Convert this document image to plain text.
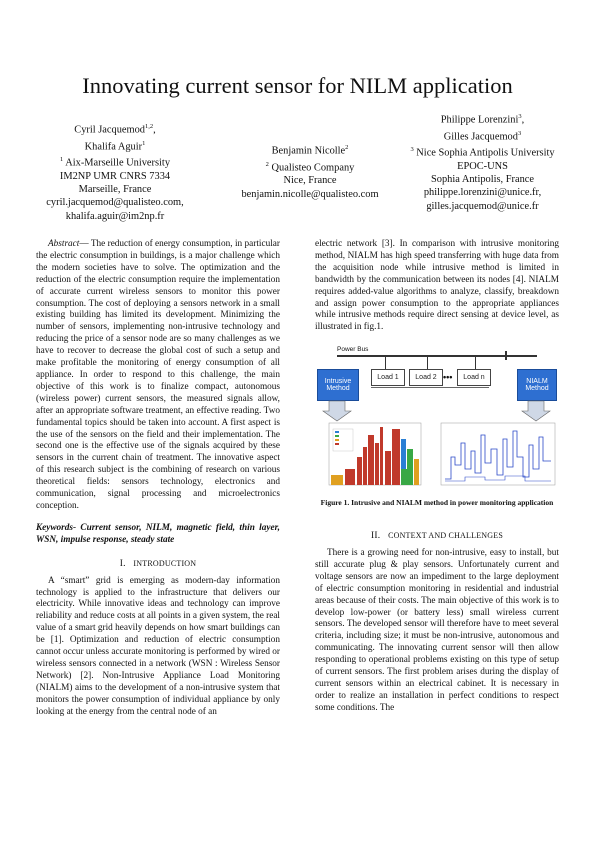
Innovating current sensor for NILM application
Cyril Jacquemod$^{1,2}$,
Khalifa Aguir$^1$
$^1$ Aix-Marseille University
IM2NP UMR CNRS 7334
Marseille, France
cyril.jacquemod@qualisteo.com,
khalifa.aguir@im2np.fr
Benjamin Nicolle$^2$
$^2$ Qualisteo Company
Nice, France
benjamin.nicolle@qualisteo.com
Philippe Lorenzini$^3$,
Gilles Jacquemod$^3$
$^3$ Nice Sophia Antipolis University
EPOC-UNS
Sophia Antipolis, France
philippe.lorenzini@unice.fr,
gilles.jacquemod@unice.fr

Abstract— The reduction of energy consumption, in particular the electric consumption in buildings, is a major challenge which the modern societies have to solve. The optimization and the reduction of the electric consumption require the implementation of accurate current wireless sensors to monitor this power consumption. The cost of deploying a sensors network in a small existing building has limited its development. Minimizing the number of sensors, implementing non-intrusive technology and reducing the price of a sensor node are so many challenges as we have to recover to decrease the global cost of such a setup and make profitable the monitoring of energy consumption of all appliance. In order to respond to this challenge, the main objective of this work is to finalize compact, autonomous (wireless power) current sensors, the measured signals allow, after an appropriate software treatment, an effective reading. Two fundamental topics should be taken into account. A first aspect is the use of the sensors on the field and their implementation. The second one is the effective use of the signals acquired by these sensors in the current chain of treatment. The innovative aspect of this research subject is the combining of research on various theoretical fields: sensors technology, electronics and communication, signal processing and microelectronics conception.

Keywords- Current sensor, NILM, magnetic field, thin layer, WSN, impulse response, steady state

I. INTRODUCTION

A “smart” grid is emerging as modern-day information technology is applied to the infrastructure that delivers our electricity. While innovative ideas and technology can improve reliability and reduce costs at all points in a given system, the real value of a smart grid heavily depends on how smart buildings can be [1]. Optimization and reduction of electric consumption cannot occur unless accurate monitoring is performed by wired or wireless sensors connected in a network (WSN : Wireless Sensor Network) [2]. Non-Intrusive Appliance Load Monitoring (NIALM) aims to the development of a non-intrusive system that monitors the power consumption of individual appliance by only looking at the energy from the central node of an

electric network [3]. In comparison with intrusive monitoring method, NIALM has high speed transferring with huge data from the acquisition node while intrusive method is limited in bandwidth by the communication between its nodes [4]. NIALM requires added-value algorithms to analyze, classify, breakdown and assign power consumption to the appropriate appliances while intrusive methods require direct sensing at device level, as illustrated in fig.1.

Power Bus
Intrusive Method
Load 1	Load 2 •••	Load n
NIALM Method
Figure 1. Intrusive and NIALM method in power monitoring application

II. CONTEXT AND CHALLENGES

There is a growing need for non-intrusive, easy to install, but still accurate plug & play sensors. Unfortunately current and voltage sensors are now an impediment to the large deployment of electric consumption monitoring in residential and industrial areas because of their costs. The main objective of this work is to develop low-power (or battery less) small wireless current sensors. The developed sensor will therefore have to meet several criteria, including size; it must be non-intrusive, autonomous and communicating. The innovating current sensor will then allow responding to operational problems existing on this type of setup of current sensors. The first problem arises during the display of current sensors within an electrical cabinet. It is necessary in order to realize an installation in perfect conditions to respect some conditions. The
